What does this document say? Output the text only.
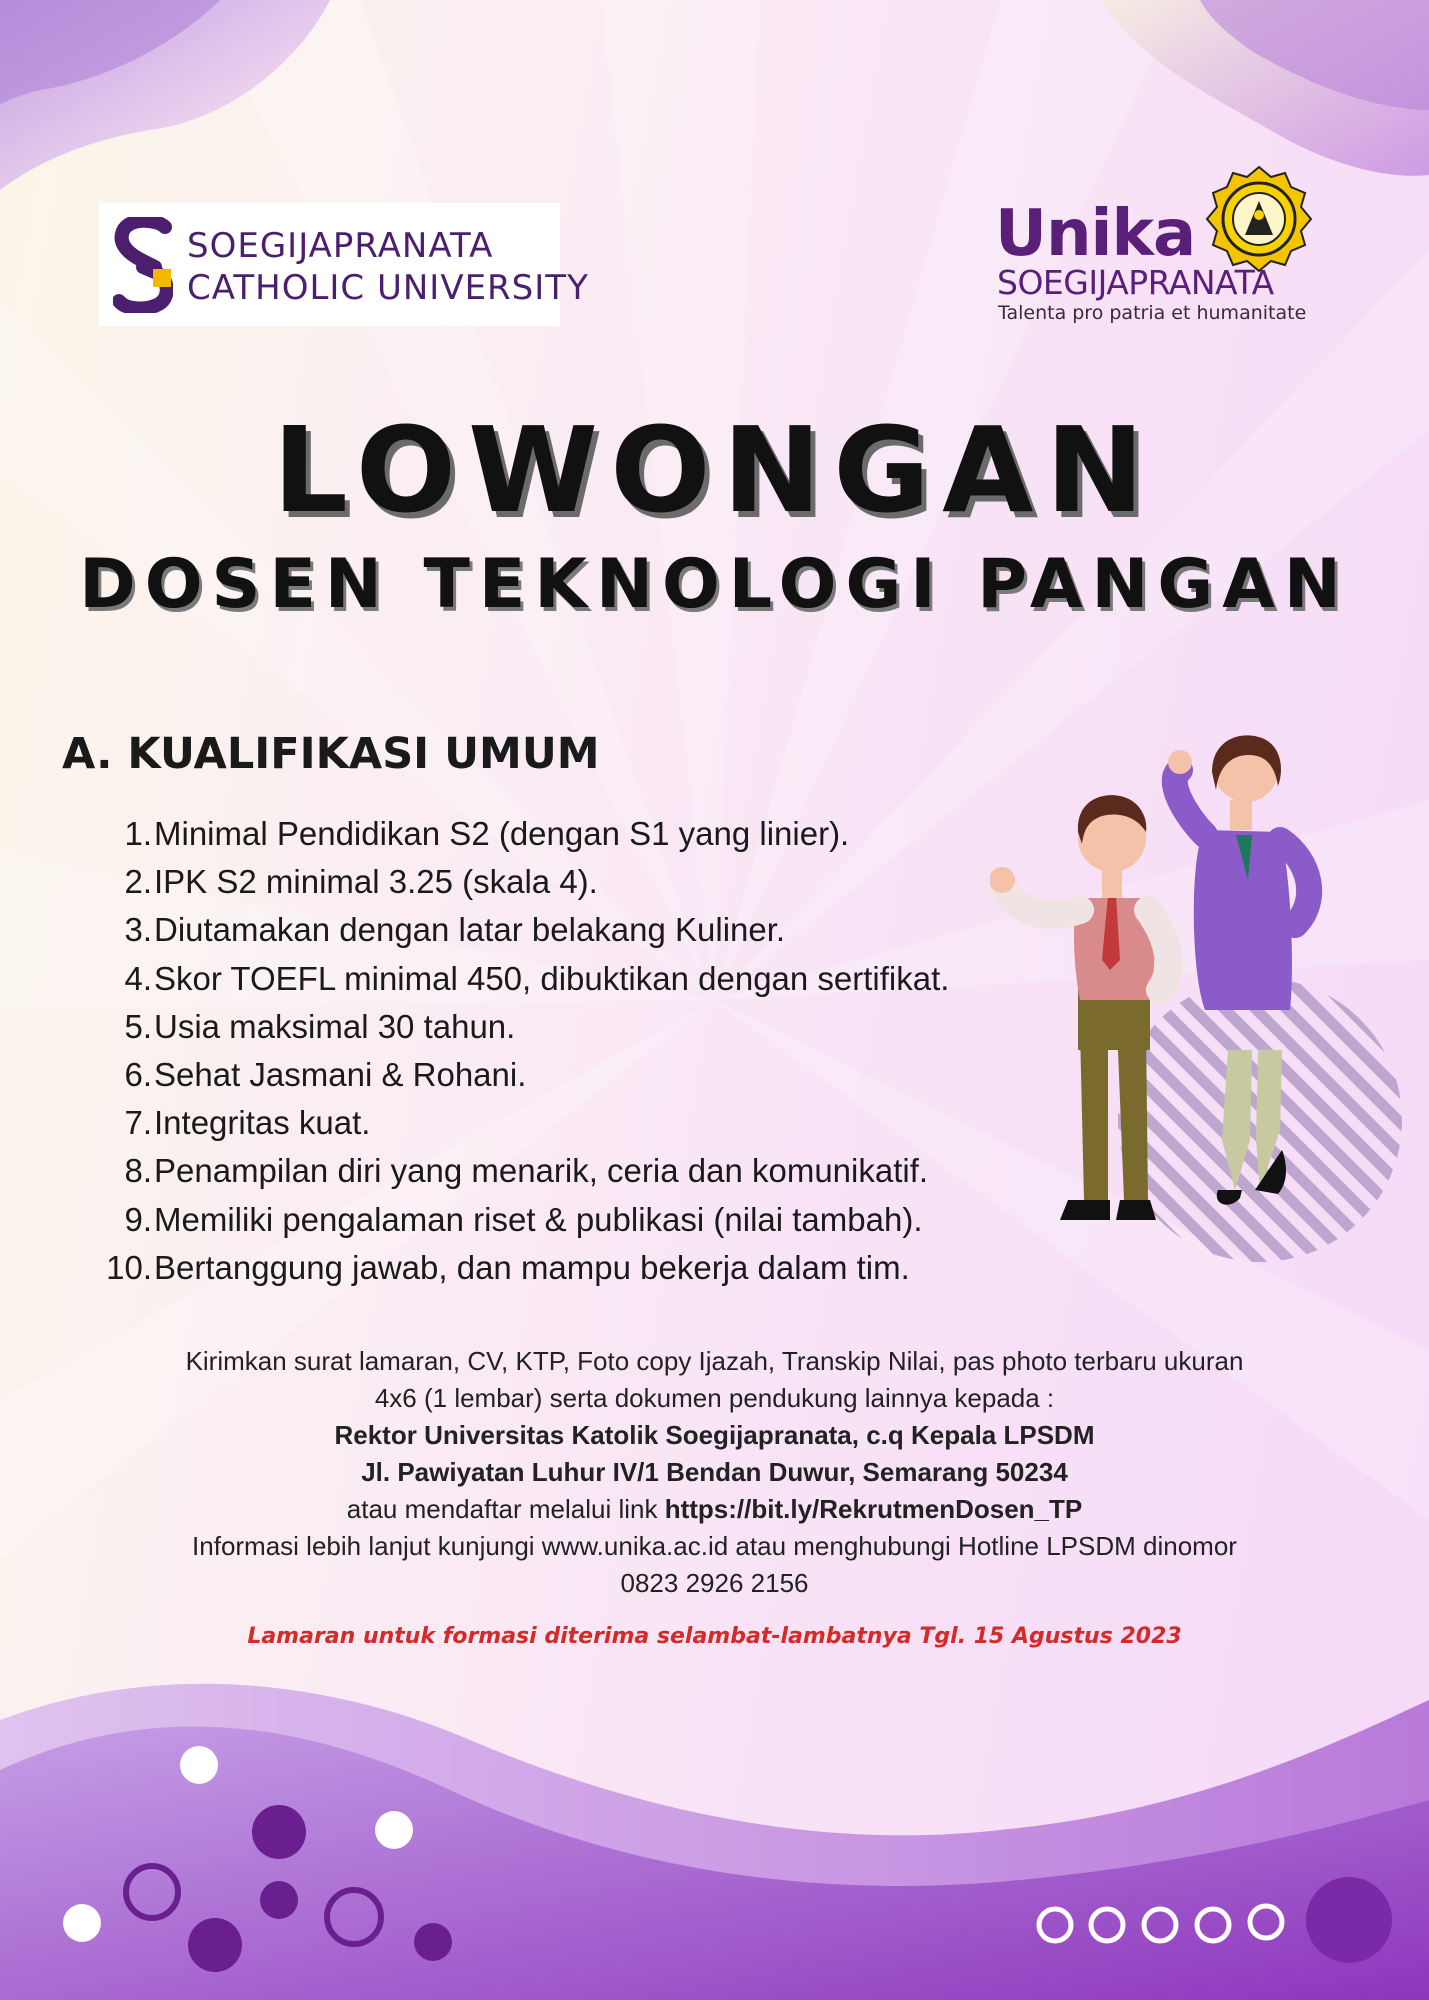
SOEGIJAPRANATA
CATHOLIC UNIVERSITY
Unika
SOEGIJAPRANATA
Talenta pro patria et humanitate
LOWONGAN
DOSEN TEKNOLOGI PANGAN
A. KUALIFIKASI UMUM
1. Minimal Pendidikan S2 (dengan S1 yang linier).
2. IPK S2 minimal 3.25 (skala 4).
3. Diutamakan dengan latar belakang Kuliner.
4. Skor TOEFL minimal 450, dibuktikan dengan sertifikat.
5. Usia maksimal 30 tahun.
6. Sehat Jasmani & Rohani.
7. Integritas kuat.
8. Penampilan diri yang menarik, ceria dan komunikatif.
9. Memiliki pengalaman riset & publikasi (nilai tambah).
10. Bertanggung jawab, dan mampu bekerja dalam tim.
Kirimkan surat lamaran, CV, KTP, Foto copy Ijazah, Transkip Nilai, pas photo terbaru ukuran
4x6 (1 lembar) serta dokumen pendukung lainnya kepada :
Rektor Universitas Katolik Soegijapranata, c.q Kepala LPSDM
Jl. Pawiyatan Luhur IV/1 Bendan Duwur, Semarang 50234
atau mendaftar melalui link https://bit.ly/RekrutmenDosen_TP
Informasi lebih lanjut kunjungi www.unika.ac.id atau menghubungi Hotline LPSDM dinomor
0823 2926 2156
Lamaran untuk formasi diterima selambat-lambatnya Tgl. 15 Agustus 2023
